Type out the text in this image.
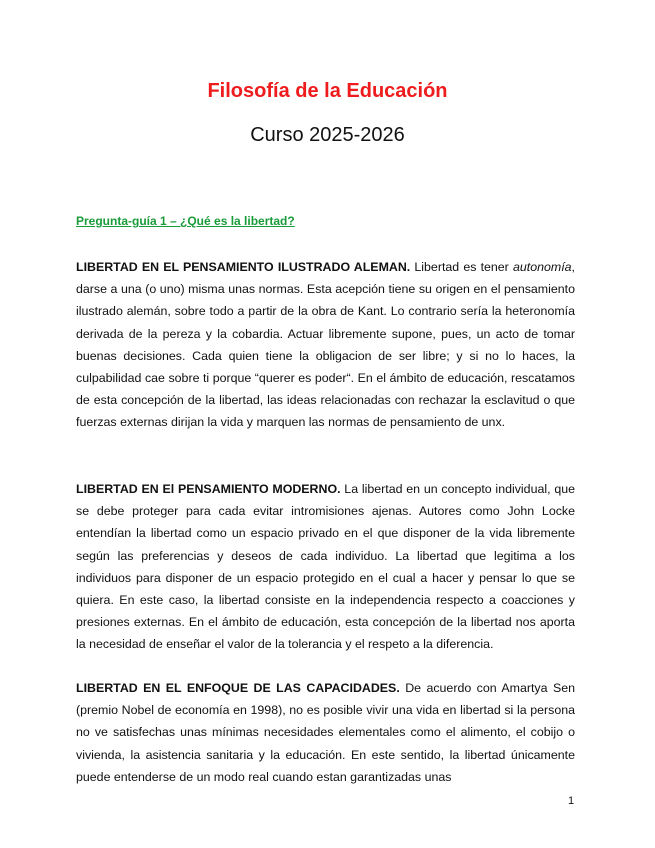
Filosofía de la Educación
Curso 2025-2026
Pregunta-guía 1 – ¿Qué es la libertad?

LIBERTAD EN EL PENSAMIENTO ILUSTRADO ALEMAN. Libertad es tener autonomía, darse a una (o uno) misma unas normas. Esta acepción tiene su origen en el pensamiento ilustrado alemán, sobre todo a partir de la obra de Kant. Lo contrario sería la heteronomía derivada de la pereza y la cobardia. Actuar libremente supone, pues, un acto de tomar buenas decisiones. Cada quien tiene la obligacion de ser libre; y si no lo haces, la culpabilidad cae sobre ti porque “querer es poder“. En el ámbito de educación, rescatamos de esta concepción de la libertad, las ideas relacionadas con rechazar la esclavitud o que fuerzas externas dirijan la vida y marquen las normas de pensamiento de unx.

LIBERTAD EN El PENSAMIENTO MODERNO. La libertad en un concepto individual, que se debe proteger para cada evitar intromisiones ajenas. Autores como John Locke entendían la libertad como un espacio privado en el que disponer de la vida libremente según las preferencias y deseos de cada individuo. La libertad que legitima a los individuos para disponer de un espacio protegido en el cual a hacer y pensar lo que se quiera. En este caso, la libertad consiste en la independencia respecto a coacciones y presiones externas. En el ámbito de educación, esta concepción de la libertad nos aporta la necesidad de enseñar el valor de la tolerancia y el respeto a la diferencia.

LIBERTAD EN EL ENFOQUE DE LAS CAPACIDADES. De acuerdo con Amartya Sen (premio Nobel de economía en 1998), no es posible vivir una vida en libertad si la persona no ve satisfechas unas mínimas necesidades elementales como el alimento, el cobijo o vivienda, la asistencia sanitaria y la educación. En este sentido, la libertad únicamente puede entenderse de un modo real cuando estan garantizadas unas

1
